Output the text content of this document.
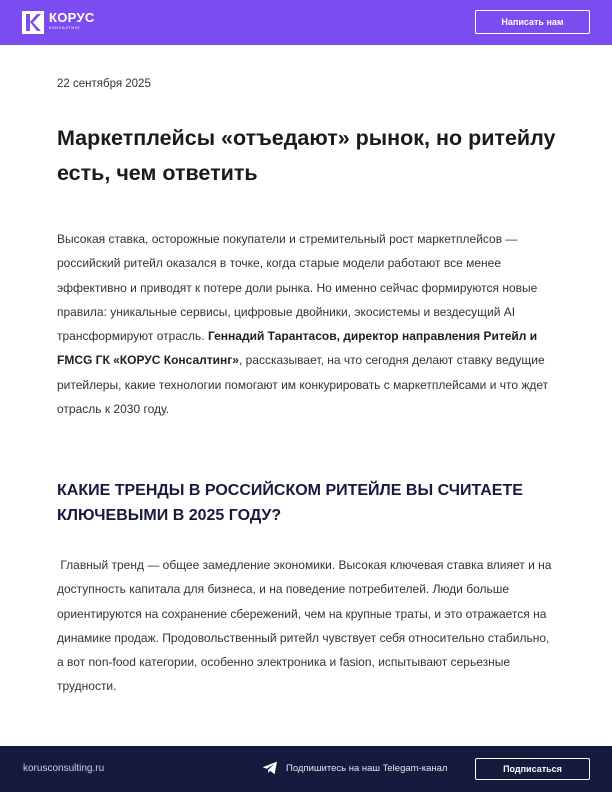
КОРУС
КОНСАЛТИНГ
Написать нам
22 сентября 2025
Маркетплейсы «отъедают» рынок, но ритейлу есть, чем ответить

Высокая ставка, осторожные покупатели и стремительный рост маркетплейсов — российский ритейл оказался в точке, когда старые модели работают все менее эффективно и приводят к потере доли рынка. Но именно сейчас формируются новые правила: уникальные сервисы, цифровые двойники, экосистемы и вездесущий AI трансформируют отрасль. Геннадий Тарантасов, директор направления Ритейл и FMCG ГК «КОРУС Консалтинг», рассказывает, на что сегодня делают ставку ведущие ритейлеры, какие технологии помогают им конкурировать с маркетплейсами и что ждет отрасль к 2030 году.

КАКИЕ ТРЕНДЫ В РОССИЙСКОМ РИТЕЙЛЕ ВЫ СЧИТАЕТЕ КЛЮЧЕВЫМИ В 2025 ГОДУ?

Главный тренд — общее замедление экономики. Высокая ключевая ставка влияет и на доступность капитала для бизнеса, и на поведение потребителей. Люди больше ориентируются на сохранение сбережений, чем на крупные траты, и это отражается на динамике продаж. Продовольственный ритейл чувствует себя относительно стабильно, а вот non-food категории, особенно электроника и fasion, испытывают серьезные трудности.

korusconsulting.ru	Подпишитесь на наш Telegam-канал	Подписаться
